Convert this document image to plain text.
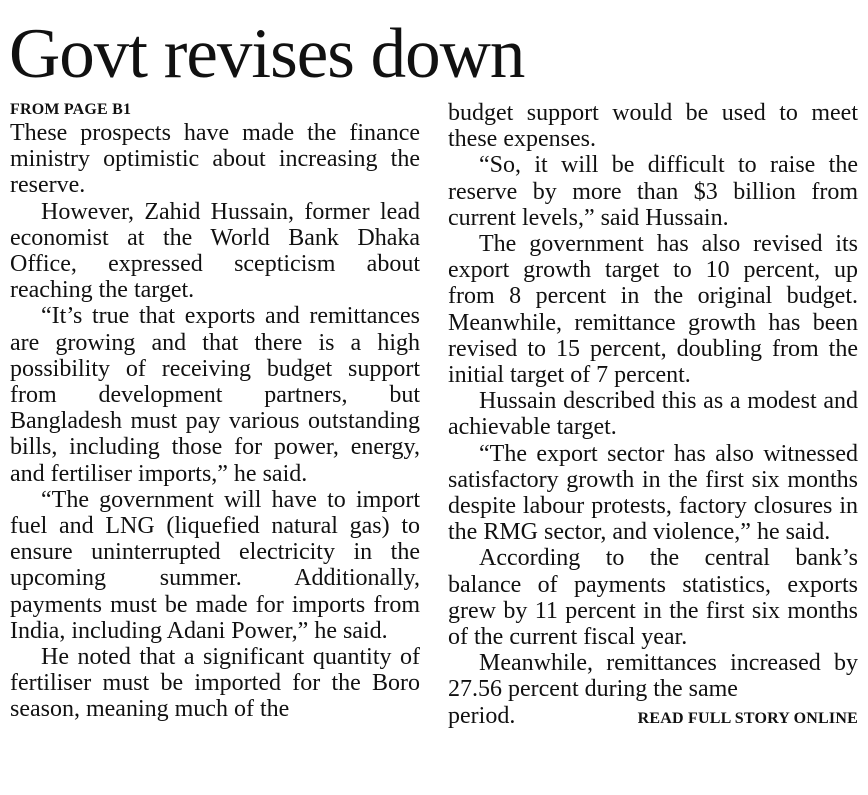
Govt revises down
FROM PAGE B1

These prospects have made the finance ministry optimistic about increasing the reserve.

However, Zahid Hussain, former lead economist at the World Bank Dhaka Office, expressed scepticism about reaching the target.

“It’s true that exports and remittances are growing and that there is a high possibility of receiving budget support from development partners, but Bangladesh must pay various outstanding bills, including those for power, energy, and fertiliser imports,” he said.

“The government will have to import fuel and LNG (liquefied natural gas) to ensure uninterrupted electricity in the upcoming summer. Additionally, payments must be made for imports from India, including Adani Power,” he said.

He noted that a significant quantity of fertiliser must be imported for the Boro season, meaning much of the

budget support would be used to meet these expenses.

“So, it will be difficult to raise the reserve by more than $3 billion from current levels,” said Hussain.

The government has also revised its export growth target to 10 percent, up from 8 percent in the original budget. Meanwhile, remittance growth has been revised to 15 percent, doubling from the initial target of 7 percent.

Hussain described this as a modest and achievable target.

“The export sector has also witnessed satisfactory growth in the first six months despite labour protests, factory closures in the RMG sector, and violence,” he said.

According to the central bank’s balance of payments statistics, exports grew by 11 percent in the first six months of the current fiscal year.

Meanwhile, remittances increased by 27.56 percent during the same

period.	READ FULL STORY ONLINE
